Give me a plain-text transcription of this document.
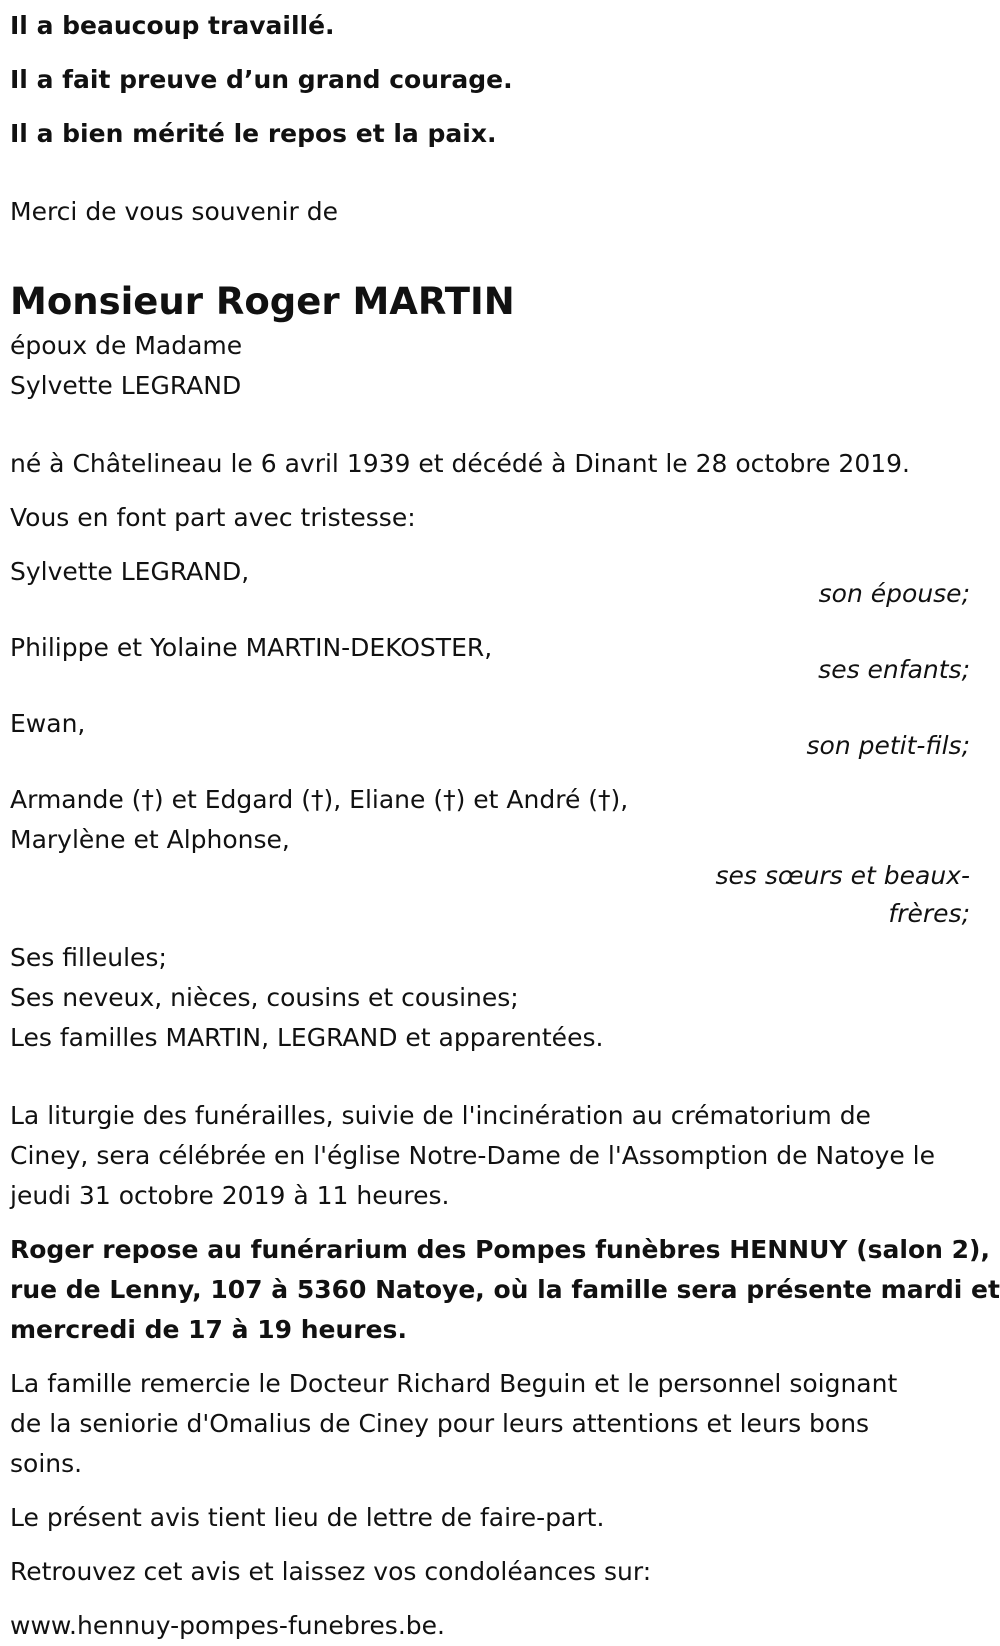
Il a beaucoup travaillé.
Il a fait preuve d’un grand courage.
Il a bien mérité le repos et la paix.

Merci de vous souvenir de

Monsieur Roger MARTIN

époux de Madame
Sylvette LEGRAND

né à Châtelineau le 6 avril 1939 et décédé à Dinant le 28 octobre 2019.

Vous en font part avec tristesse:

Sylvette LEGRAND,
son épouse;
Philippe et Yolaine MARTIN-DEKOSTER,
ses enfants;
Ewan,
son petit-fils;
Armande (†) et Edgard (†), Eliane (†) et André (†),
Marylène et Alphonse,
ses sœurs et beaux-
frères;
Ses filleules;
Ses neveux, nièces, cousins et cousines;
Les familles MARTIN, LEGRAND et apparentées.
La liturgie des funérailles, suivie de l'incinération au crématorium de
Ciney, sera célébrée en l'église Notre-Dame de l'Assomption de Natoye le
jeudi 31 octobre 2019 à 11 heures.
Roger repose au funérarium des Pompes funèbres HENNUY (salon 2),
rue de Lenny, 107 à 5360 Natoye, où la famille sera présente mardi et
mercredi de 17 à 19 heures.
La famille remercie le Docteur Richard Beguin et le personnel soignant
de la seniorie d'Omalius de Ciney pour leurs attentions et leurs bons
soins.

Le présent avis tient lieu de lettre de faire-part.

Retrouvez cet avis et laissez vos condoléances sur:

www.hennuy-pompes-funebres.be.
